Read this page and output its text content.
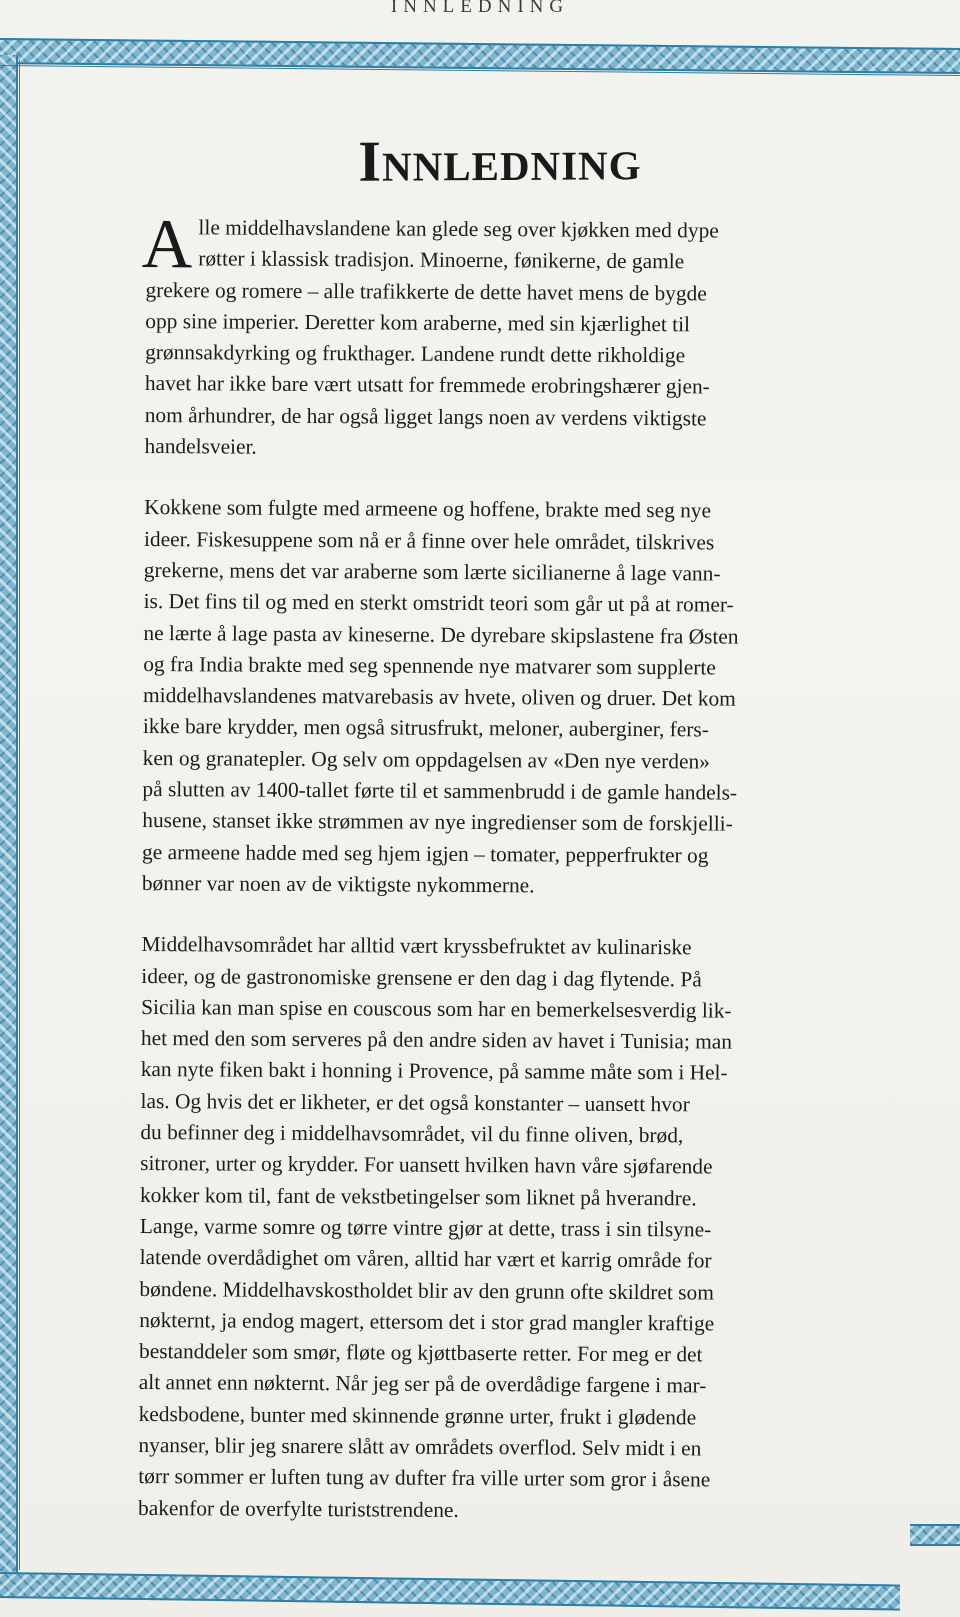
INNLEDNING
Innledning
A lle middelhavslandene kan glede seg over kjøkken med dype
røtter i klassisk tradisjon. Minoerne, fønikerne, de gamle
grekere og romere – alle trafikkerte de dette havet mens de bygde
opp sine imperier. Deretter kom araberne, med sin kjærlighet til
grønnsakdyrking og frukthager. Landene rundt dette rikholdige
havet har ikke bare vært utsatt for fremmede erobringshærer gjen-
nom århundrer, de har også ligget langs noen av verdens viktigste
handelsveier.
Kokkene som fulgte med armeene og hoffene, brakte med seg nye
ideer. Fiskesuppene som nå er å finne over hele området, tilskrives
grekerne, mens det var araberne som lærte sicilianerne å lage vann-
is. Det fins til og med en sterkt omstridt teori som går ut på at romer-
ne lærte å lage pasta av kineserne. De dyrebare skipslastene fra Østen
og fra India brakte med seg spennende nye matvarer som supplerte
middelhavslandenes matvarebasis av hvete, oliven og druer. Det kom
ikke bare krydder, men også sitrusfrukt, meloner, auberginer, fers-
ken og granatepler. Og selv om oppdagelsen av «Den nye verden»
på slutten av 1400-tallet førte til et sammenbrudd i de gamle handels-
husene, stanset ikke strømmen av nye ingredienser som de forskjelli-
ge armeene hadde med seg hjem igjen – tomater, pepperfrukter og
bønner var noen av de viktigste nykommerne.
Middelhavsområdet har alltid vært kryssbefruktet av kulinariske
ideer, og de gastronomiske grensene er den dag i dag flytende. På
Sicilia kan man spise en couscous som har en bemerkelsesverdig lik-
het med den som serveres på den andre siden av havet i Tunisia; man
kan nyte fiken bakt i honning i Provence, på samme måte som i Hel-
las. Og hvis det er likheter, er det også konstanter – uansett hvor
du befinner deg i middelhavsområdet, vil du finne oliven, brød,
sitroner, urter og krydder. For uansett hvilken havn våre sjøfarende
kokker kom til, fant de vekstbetingelser som liknet på hverandre.
Lange, varme somre og tørre vintre gjør at dette, trass i sin tilsyne-
latende overdådighet om våren, alltid har vært et karrig område for
bøndene. Middelhavskostholdet blir av den grunn ofte skildret som
nøkternt, ja endog magert, ettersom det i stor grad mangler kraftige
bestanddeler som smør, fløte og kjøttbaserte retter. For meg er det
alt annet enn nøkternt. Når jeg ser på de overdådige fargene i mar-
kedsbodene, bunter med skinnende grønne urter, frukt i glødende
nyanser, blir jeg snarere slått av områdets overflod. Selv midt i en
tørr sommer er luften tung av dufter fra ville urter som gror i åsene
bakenfor de overfylte turiststrendene.
